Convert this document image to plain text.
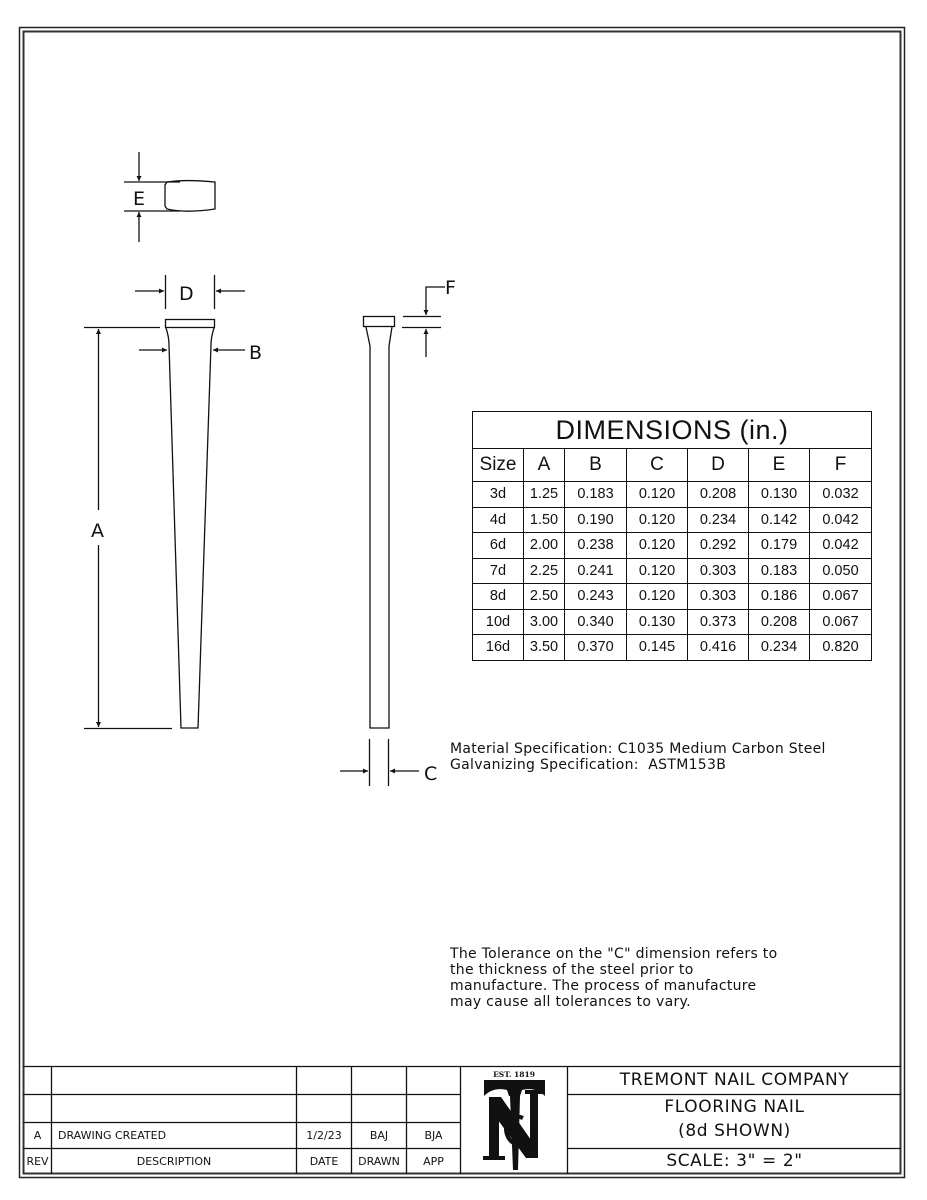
E
D
B
A
F
C
EST. 1819
DIMENSIONS (in.)						
Size	A	B	C	D	E	F
3d	1.25	0.183	0.120	0.208	0.130	0.032
4d	1.50	0.190	0.120	0.234	0.142	0.042
6d	2.00	0.238	0.120	0.292	0.179	0.042
7d	2.25	0.241	0.120	0.303	0.183	0.050
8d	2.50	0.243	0.120	0.303	0.186	0.067
10d	3.00	0.340	0.130	0.373	0.208	0.067
16d	3.50	0.370	0.145	0.416	0.234	0.820
Material Specification: C1035 Medium Carbon Steel
Galvanizing Specification:  ASTM153B
The Tolerance on the "C" dimension refers to
the thickness of the steel prior to
manufacture. The process of manufacture
may cause all tolerances to vary.
A	DRAWING CREATED	1/2/23	BAJ	BJA
REV	DESCRIPTION	DATE	DRAWN	APP
TREMONT NAIL COMPANY
FLOORING NAIL
(8d SHOWN)
SCALE: 3" = 2"
